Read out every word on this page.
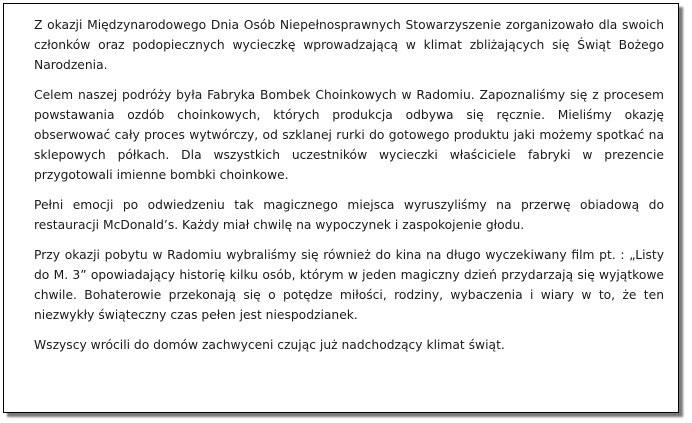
Z okazji Międzynarodowego Dnia Osób Niepełnosprawnych Stowarzyszenie zorganizowało dla swoich członków oraz podopiecznych wycieczkę wprowadzającą w klimat zbliżających się Świąt Bożego Narodzenia.

Celem naszej podróży była Fabryka Bombek Choinkowych w Radomiu. Zapoznaliśmy się z procesem powstawania ozdób choinkowych, których produkcja odbywa się ręcznie. Mieliśmy okazję obserwować cały proces wytwórczy, od szklanej rurki do gotowego produktu jaki możemy spotkać na sklepowych półkach. Dla wszystkich uczestników wycieczki właściciele fabryki w prezencie przygotowali imienne bombki choinkowe.

Pełni emocji po odwiedzeniu tak magicznego miejsca wyruszyliśmy na przerwę obiadową do restauracji McDonald’s. Każdy miał chwilę na wypoczynek i zaspokojenie głodu.

Przy okazji pobytu w Radomiu wybraliśmy się również do kina na długo wyczekiwany film pt. : „Listy do M. 3” opowiadający historię kilku osób, którym w jeden magiczny dzień przydarzają się wyjątkowe chwile. Bohaterowie przekonają się o potędze miłości, rodziny, wybaczenia i wiary w to, że ten niezwykły świąteczny czas pełen jest niespodzianek.

Wszyscy wrócili do domów zachwyceni czując już nadchodzący klimat świąt.
